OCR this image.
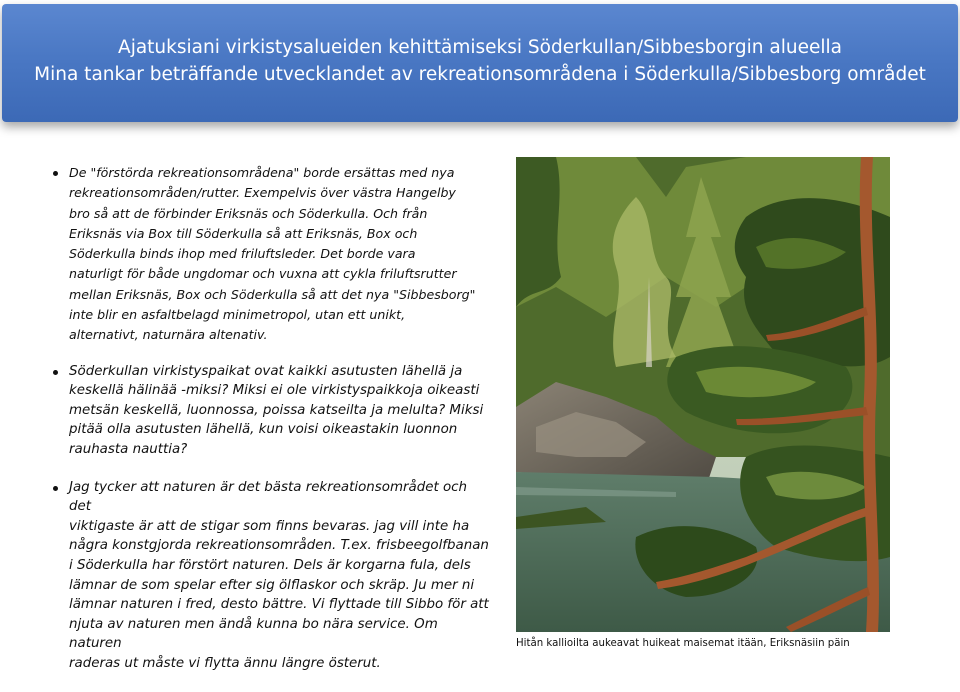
Ajatuksiani virkistysalueiden kehittämiseksi Söderkullan/Sibbesborgin alueella
Mina tankar beträffande utvecklandet av rekreationsområdena i Söderkulla/Sibbesborg området
De "förstörda rekreationsområdena" borde ersättas med nya
rekreationsområden/rutter. Exempelvis över västra Hangelby
bro så att de förbinder Eriksnäs och Söderkulla. Och från
Eriksnäs via Box till Söderkulla så att Eriksnäs, Box och
Söderkulla binds ihop med friluftsleder. Det borde vara
naturligt för både ungdomar och vuxna att cykla friluftsrutter
mellan Eriksnäs, Box och Söderkulla så att det nya "Sibbesborg"
inte blir en asfaltbelagd minimetropol, utan ett unikt,
alternativt, naturnära altenativ.
Söderkullan virkistyspaikat ovat kaikki asutusten lähellä ja
keskellä hälinää -miksi? Miksi ei ole virkistyspaikkoja oikeasti
metsän keskellä, luonnossa, poissa katseilta ja melulta? Miksi
pitää olla asutusten lähellä, kun voisi oikeastakin luonnon
rauhasta nauttia?
Jag tycker att naturen är det bästa rekreationsområdet och det
viktigaste är att de stigar som finns bevaras. jag vill inte ha
några konstgjorda rekreationsområden. T.ex. frisbeegolfbanan
i Söderkulla har förstört naturen. Dels är korgarna fula, dels
lämnar de som spelar efter sig ölflaskor och skräp. Ju mer ni
lämnar naturen i fred, desto bättre. Vi flyttade till Sibbo för att
njuta av naturen men ändå kunna bo nära service. Om naturen
raderas ut måste vi flytta ännu längre österut.
Hitån kallioilta aukeavat huikeat maisemat itään, Eriksnäsiin päin
